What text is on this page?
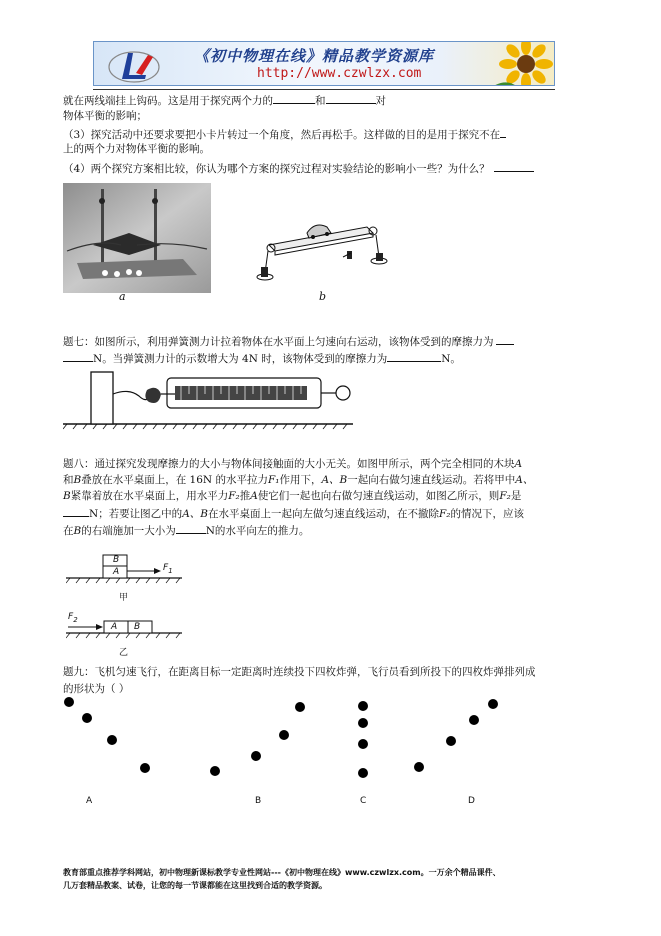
《初中物理在线》精品教学资源库
http://www.czwlzx.com
就在两线端挂上钩码。这是用于探究两个力的	和	对
物体平衡的影响；
（3）探究活动中还要求要把小卡片转过一个角度，然后再松手。这样做的目的是用于探究不在
上的两个力对物体平衡的影响。
（4）两个探究方案相比较，你认为哪个方案的探究过程对实验结论的影响小一些？为什么？
a	b
题七：如图所示，利用弹簧测力计拉着物体在水平面上匀速向右运动，该物体受到的摩擦力为
N。当弹簧测力计的示数增大为 4N 时，该物体受到的摩擦力为	N。
题八：通过探究发现摩擦力的大小与物体间接触面的大小无关。如图甲所示，两个完全相同的木块A
和B叠放在水平桌面上，在 16N 的水平拉力F₁作用下，A、B一起向右做匀速直线运动。若将甲中A、
B紧靠着放在水平桌面上，用水平力F₂推A使它们一起也向右做匀速直线运动，如图乙所示，则F₂是
N；若要让图乙中的A、B在水平桌面上一起向左做匀速直线运动，在不撤除F₂的情况下，应该
在B的右端施加一大小为	N的水平向左的推力。
B
A	$F_1$
甲
$F_2$
A B
乙
题九：飞机匀速飞行，在距离目标一定距离时连续投下四枚炸弹，飞行员看到所投下的四枚炸弹排列成
的形状为（ ）
A	B	C	D
教育部重点推荐学科网站，初中物理新课标教学专业性网站---《初中物理在线》www.czwlzx.com。一万余个精品课件、
几万套精品教案、试卷，让您的每一节课都能在这里找到合适的教学资源。
